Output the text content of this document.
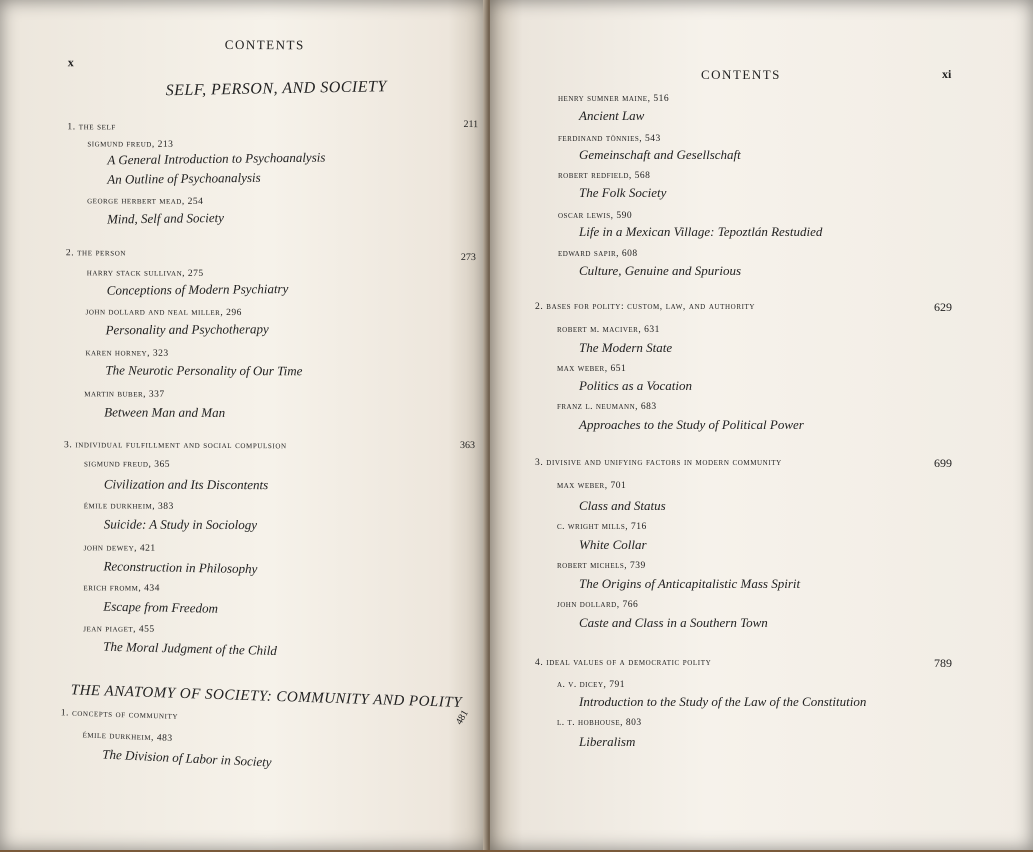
CONTENTS
x
SELF, PERSON, AND SOCIETY
1. the self	211
sigmund freud, 213
A General Introduction to Psychoanalysis
An Outline of Psychoanalysis
george herbert mead, 254
Mind, Self and Society
2. the person	273
harry stack sullivan, 275
Conceptions of Modern Psychiatry
john dollard and neal miller, 296
Personality and Psychotherapy
karen horney, 323
The Neurotic Personality of Our Time
martin buber, 337
Between Man and Man
3. individual fulfillment and social compulsion	363
sigmund freud, 365
Civilization and Its Discontents
émile durkheim, 383
Suicide: A Study in Sociology
john dewey, 421
Reconstruction in Philosophy
erich fromm, 434
Escape from Freedom
jean piaget, 455
The Moral Judgment of the Child
THE ANATOMY OF SOCIETY: COMMUNITY AND POLITY
1. concepts of community	481
émile durkheim, 483
The Division of Labor in Society
CONTENTS	xi
henry sumner maine, 516
Ancient Law
ferdinand tönnies, 543
Gemeinschaft and Gesellschaft
robert redfield, 568
The Folk Society
oscar lewis, 590
Life in a Mexican Village: Tepoztlán Restudied
edward sapir, 608
Culture, Genuine and Spurious
2. bases for polity: custom, law, and authority	629
robert m. maciver, 631
The Modern State
max weber, 651
Politics as a Vocation
franz l. neumann, 683
Approaches to the Study of Political Power
3. divisive and unifying factors in modern community	699
max weber, 701
Class and Status
c. wright mills, 716
White Collar
robert michels, 739
The Origins of Anticapitalistic Mass Spirit
john dollard, 766
Caste and Class in a Southern Town
4. ideal values of a democratic polity	789
a. v. dicey, 791
Introduction to the Study of the Law of the Constitution
l. t. hobhouse, 803
Liberalism
